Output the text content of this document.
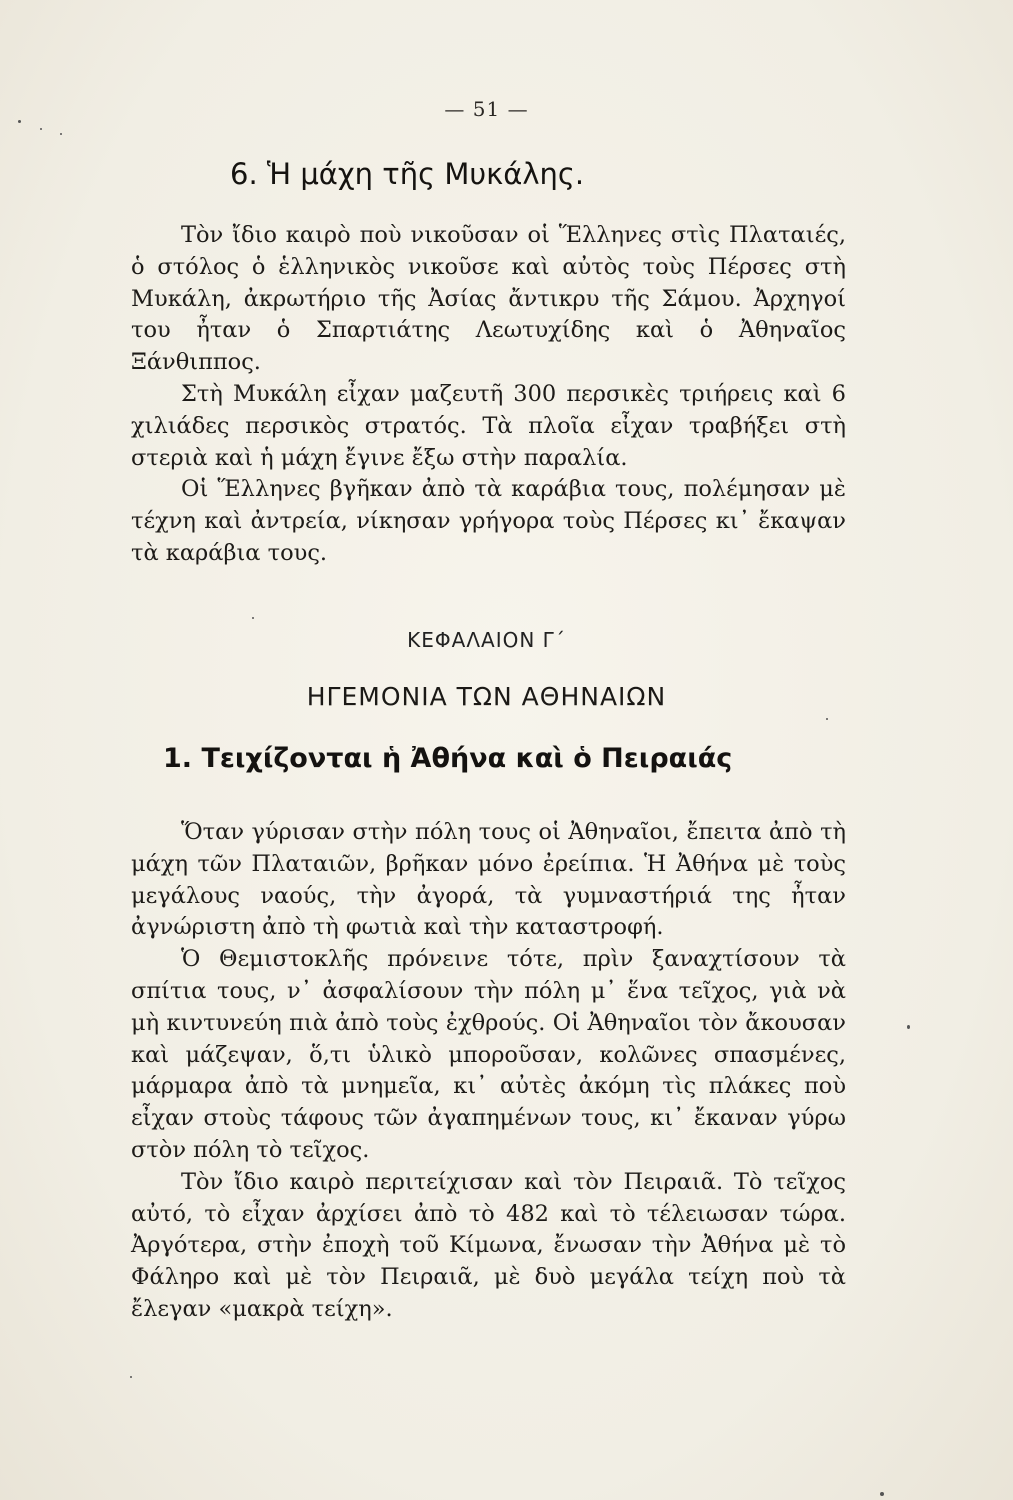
— 51 —
6. Ἡ μάχη τῆς Μυκάλης.

Τὸν ἴδιο καιρὸ ποὺ νικοῦσαν οἱ Ἕλληνες στὶς Πλαταιές, ὁ στόλος ὁ ἑλληνικὸς νικοῦσε καὶ αὐτὸς τοὺς Πέρσες στὴ Μυκάλη, ἀκρωτήριο τῆς Ἀσίας ἄντικρυ τῆς Σάμου. Ἀρχηγοί του ἦταν ὁ Σπαρτιάτης Λεωτυχίδης καὶ ὁ Ἀθηναῖος Ξάνθιππος.

Στὴ Μυκάλη εἶχαν μαζευτῆ 300 περσικὲς τριήρεις καὶ 6 χιλιάδες περσικὸς στρατός. Τὰ πλοῖα εἶχαν τραβήξει στὴ στεριὰ καὶ ἡ μάχη ἔγινε ἔξω στὴν παραλία.

Οἱ Ἕλληνες βγῆκαν ἀπὸ τὰ καράβια τους, πολέμησαν μὲ τέχνη καὶ ἀντρεία, νίκησαν γρήγορα τοὺς Πέρσες κι᾽ ἔκαψαν τὰ καράβια τους.

ΚΕΦΑΛΑΙΟΝ Γ΄
ΗΓΕΜΟΝΙΑ ΤΩΝ ΑΘΗΝΑΙΩΝ
1. Τειχίζονται ἡ Ἀθήνα καὶ ὁ Πειραιάς

Ὅταν γύρισαν στὴν πόλη τους οἱ Ἀθηναῖοι, ἔπειτα ἀπὸ τὴ μάχη τῶν Πλαταιῶν, βρῆκαν μόνο ἐρείπια. Ἡ Ἀθήνα μὲ τοὺς μεγάλους ναούς, τὴν ἀγορά, τὰ γυμναστήριά της ἦταν ἀγνώριστη ἀπὸ τὴ φωτιὰ καὶ τὴν καταστροφή.

Ὁ Θεμιστοκλῆς πρόνεινε τότε, πρὶν ξαναχτίσουν τὰ σπίτια τους, ν᾽ ἀσφαλίσουν τὴν πόλη μ᾽ ἕνα τεῖχος, γιὰ νὰ μὴ κιντυνεύη πιὰ ἀπὸ τοὺς ἐχθρούς. Οἱ Ἀθηναῖοι τὸν ἄκουσαν καὶ μάζεψαν, ὅ,τι ὑλικὸ μποροῦσαν, κολῶνες σπασμένες, μάρμαρα ἀπὸ τὰ μνημεῖα, κι᾽ αὐτὲς ἀκόμη τὶς πλάκες ποὺ εἶχαν στοὺς τάφους τῶν ἀγαπημένων τους, κι᾽ ἔκαναν γύρω στὸν πόλη τὸ τεῖχος.

Τὸν ἴδιο καιρὸ περιτείχισαν καὶ τὸν Πειραιᾶ. Τὸ τεῖχος αὐτό, τὸ εἶχαν ἀρχίσει ἀπὸ τὸ 482 καὶ τὸ τέλειωσαν τώρα. Ἀργότερα, στὴν ἐποχὴ τοῦ Κίμωνα, ἔνωσαν τὴν Ἀθήνα μὲ τὸ Φάληρο καὶ μὲ τὸν Πειραιᾶ, μὲ δυὸ μεγάλα τείχη ποὺ τὰ ἔλεγαν «μακρὰ τείχη».
